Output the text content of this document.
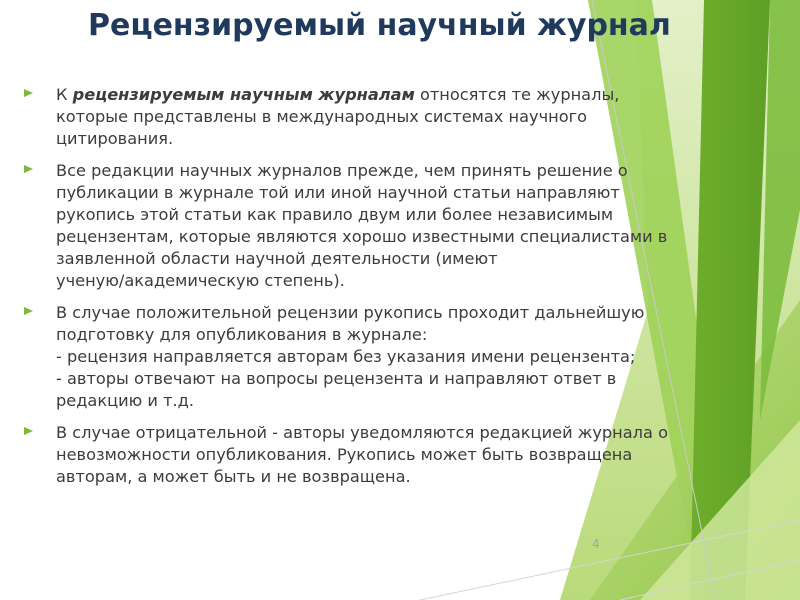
Рецензируемый научный журнал
К рецензируемым научным журналам относятся те журналы,
которые представлены в международных системах научного
цитирования.
Все редакции научных журналов прежде, чем принять решение о
публикации в журнале той или иной научной статьи направляют
рукопись этой статьи как правило двум или более независимым
рецензентам, которые являются хорошо известными специалистами в
заявленной области научной деятельности (имеют
ученую/академическую степень).
В случае положительной рецензии рукопись проходит дальнейшую
подготовку для опубликования в журнале:
- рецензия направляется авторам без указания имени рецензента;
- авторы отвечают на вопросы рецензента и направляют ответ в
редакцию и т.д.
В случае отрицательной - авторы уведомляются редакцией журнала о
невозможности опубликования. Рукопись может быть возвращена
авторам, а может быть и не возвращена.
4
